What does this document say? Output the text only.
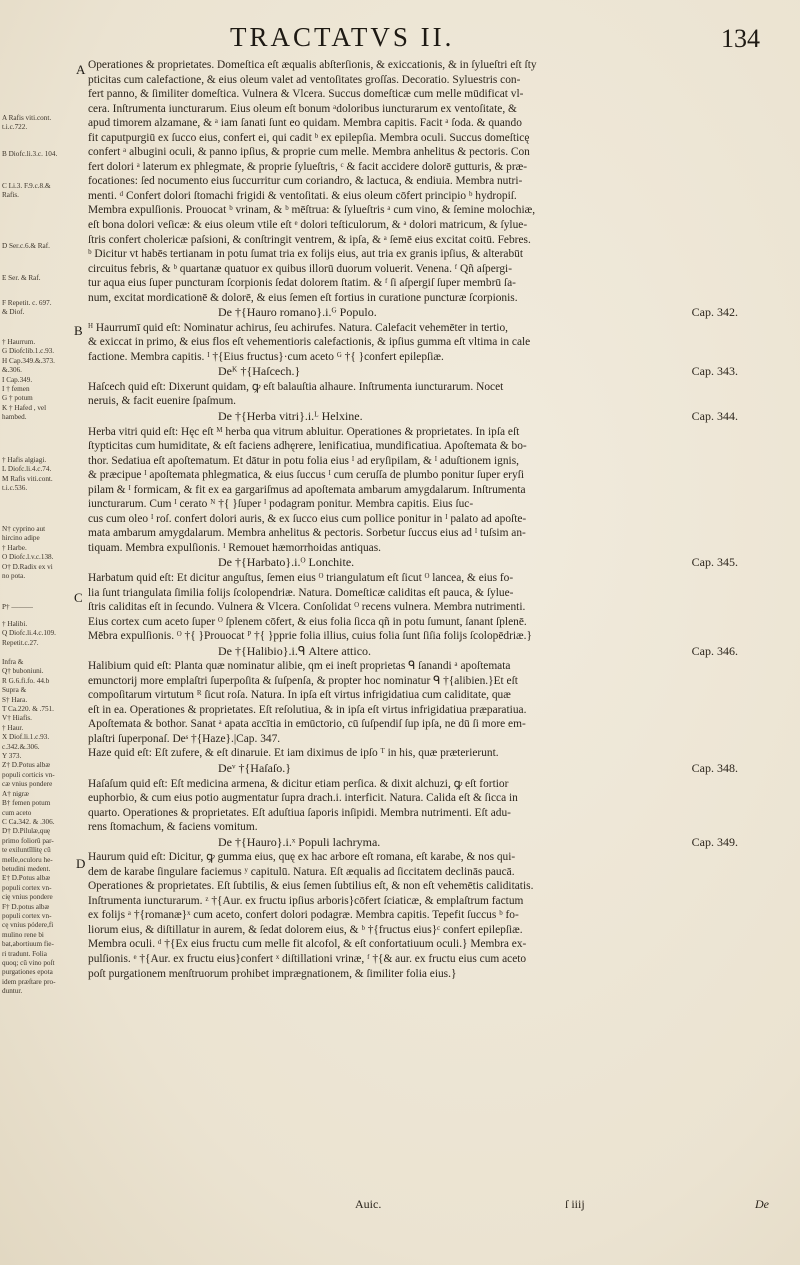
TRACTATVS II.	134
A Rafis viti.cont.
t.i.c.722.
B Diofc.li.3.c. 104.
C Li.3. F.9.c.8.&
Rafis.
D Ser.c.6.& Raf.
E Ser. & Raf.
F Repetit. c. 697.
& Diof.
† Haurrum.
G Diofclib.1.c.93.
H Cap.349.&.373.
&.306.
I Cap.349.
I † femen
G † potum
K † Hafed , vel
hambed.
† Hafis algiagi.
L Diofc.li.4.c.74.
M Rafis viti.cont.
t.i.c.536.
N† cyprino aut
hircino adipe
† Harbe.
O Diofc.l.v.c.138.
O† D.Radix ex vi
no pota.
P† ———
† Halibi.
Q Diofc.li.4.c.109.
Repetit.c.27.
Infra &
Q† buboniuni.
R G.6.fi.fo. 44.b
Supra &
S† Hara.
T Ca.220. & .751.
V† Hiafis.
† Haur.
X Diof.li.1.c.93.
c.342.&.306.
Y 373.
Z† D.Potus albæ
populi corticis vn-
cæ vnius pondere
A† nigræ
B† femen potum
cum aceto
C Ca.342. & .306.
D† D.Pilulæ,quę
primo foliorū par-
te exiluntīllitę cū
melle,oculoru he-
betudini medent.
E† D.Potus albæ
populi cortex vn-
cię vnius pondere
F† D.potus albæ
populi cortex vn-
cę vnius pódere,fi
mulino rene bi
bat,abortiuum fie-
ri tradunt. Folia
quoq; cū vino poſt
purgationes epota
idem præſtare pro-
duntur.
A
B
C
D
Operationes & proprietates. Domeſtica eſt æqualis abſterſionis, & exiccationis, & in ſylueſtri eſt ſty
pticitas cum calefactione, & eius oleum valet ad ventoſitates groſſas. Decoratio. Syluestris con-
fert panno, & ſimiliter domeſtica. Vulnera & Vlcera. Succus domeſticæ cum melle mūdificat vl-
cera. Inſtrumenta iuncturarum. Eius oleum eſt bonum ᵃdoloribus iuncturarum ex ventoſitate, &
apud timorem alzamane, & ᵃ iam ſanati ſunt eo quidam. Membra capitis. Facit ᵃ ſoda. & quando
fit caputpurgiū ex ſucco eius, confert ei, qui cadit ᵇ ex epilepſia. Membra oculi. Succus domeſticę
confert ᵃ albugini oculi, & panno ipſius, & proprie cum melle. Membra anhelitus & pectoris. Con
fert dolori ᵃ laterum ex phlegmate, & proprie ſylueſtris, ᶜ & facit accidere dolorē gutturis, & præ-
focationes: ſed nocumento eius ſuccurritur cum coriandro, & lactuca, & endiuia. Membra nutri-
menti. ᵈ Confert dolori ſtomachi frigidi & ventoſitati. & eius oleum cōfert principio ᵇ hydropiſ.
Membra expulſionis. Prouocat ᵇ vrinam, & ᵇ mēſtrua: & ſylueſtris ᵃ cum vino, & ſemine molochiæ,
eſt bona dolori veſicæ: & eius oleum vtile eſt ᵉ dolori teſticulorum, & ᵃ dolori matricum, & ſylue-
ſtris confert cholericæ paſsioni, & conſtringit ventrem, & ipſa, & ᵃ ſemē eius excitat coitū. Febres.
ᵇ Dicitur vt habēs tertianam in potu ſumat tria ex folijs eius, aut tria ex granis ipſius, & alterabūt
circuitus febris, & ᵇ quartanæ quatuor ex quibus illorū duorum voluerit. Venena. ᶠ Qñ aſpergi-
tur aqua eius ſuper puncturam ſcorpionis ſedat dolorem ſtatim. & ᶠ ſi aſpergiſ ſuper membrū ſa-
num, excitat mordicationē & dolorē, & eius ſemen eſt fortius in curatione puncturæ ſcorpionis.
De †{Hauro romano}.i.ᴳ Populo.	Cap. 342.
ᴴ Haurrumī quid eſt: Nominatur achirus, ſeu achirufes. Natura. Calefacit vehemēter in tertio,
& exiccat in primo, & eius flos eſt vehementioris calefactionis, & ipſius gumma eſt vltima in cale
factione. Membra capitis. ᴵ †{Eius fructus}·cum aceto ᴳ †{ }confert epilepſiæ.
Deᴷ †{Haſcech.}	Cap. 343.
Haſcech quid eſt: Dixerunt quidam, ꝙ eſt balauſtia alhaure. Inſtrumenta iuncturarum. Nocet
neruis, & facit euenire ſpaſmum.
De †{Herba vitri}.i.ᴸ Helxine.	Cap. 344.
Herba vitri quid eſt: Hęc eſt ᴹ herba qua vitrum abluitur. Operationes & proprietates. In ipſa eſt
ſtypticitas cum humiditate, & eſt faciens adhęrere, lenificatiua, mundificatiua. Apoſtemata & bo-
thor. Sedatiua eſt apoſtematum. Et dātur in potu folia eius ᴵ ad eryſipilam, & ᴵ aduſtionem ignis,
& præcipue ᴵ apoſtemata phlegmatica, & eius ſuccus ᴵ cum ceruſſa de plumbo ponitur ſuper eryſi
pilam & ᴵ formicam, & fit ex ea gargariſmus ad apoſtemata ambarum amygdalarum. Inſtrumenta
iuncturarum. Cum ᴵ cerato ᴺ †{ }ſuper ᴵ podagram ponitur. Membra capitis. Eius ſuc-
cus cum oleo ᴵ roſ. confert dolori auris, & ex ſucco eius cum pollice ponitur in ᴵ palato ad apoſte-
mata ambarum amygdalarum. Membra anhelitus & pectoris. Sorbetur ſuccus eius ad ᴵ tuſsim an-
tiquam. Membra expulſionis. ᴵ Remouet hæmorrhoidas antiquas.
De †{Harbato}.i.ᴼ Lonchite.	Cap. 345.
Harbatum quid eſt: Et dicitur anguſtus, ſemen eius ᴼ triangulatum eſt ſicut ᴼ lancea, & eius fo-
lia ſunt triangulata ſimilia folijs ſcolopendriæ. Natura. Domeſticæ caliditas eſt pauca, & ſylue-
ſtris caliditas eſt in ſecundo. Vulnera & Vlcera. Conſolidat ᴼ recens vulnera. Membra nutrimenti.
Eius cortex cum aceto ſuper ᴼ ſplenem cōfert, & eius folia ſicca qñ in potu ſumunt, ſanant ſplenē.
Mēbra expulſionis. ᴼ †{ }Prouocat ᴾ †{ }pprie folia illius, cuius folia ſunt ſiſia folijs ſcolopēdriæ.}
De †{Halibio}.i.ᑫ Altere attico.	Cap. 346.
Halibium quid eſt: Planta quæ nominatur alibie, qm ei ineſt proprietas ᑫ ſanandi ᵃ apoſtemata
emunctorij more emplaſtri ſuperpoſita & ſuſpenſa, & propter hoc nominatur ᑫ †{alibien.}Et eſt
compoſitarum virtutum ᴿ ſicut roſa. Natura. In ipſa eſt virtus infrigidatiua cum caliditate, quæ
eſt in ea. Operationes & proprietates. Eſt reſolutiua, & in ipſa eſt virtus infrigidatiua præparatiua.
Apoſtemata & bothor. Sanat ᵃ apata accītia in emūctorio, cū ſuſpendiſ ſup ipſa, ne dū ſi more em-
plaſtri ſuperponaſ. Deˢ †{Haze}.|Cap. 347.
Haze quid eſt: Eſt zufere, & eſt dinaruie. Et iam diximus de ipſo ᵀ in his, quæ præterierunt.
Deᵛ †{Haſaſo.}	Cap. 348.
Haſaſum quid eſt: Eſt medicina armena, & dicitur etiam perſica. & dixit alchuzi, ꝙ eſt fortior
euphorbio, & cum eius potio augmentatur ſupra drach.i. interficit. Natura. Calida eſt & ſicca in
quarto. Operationes & proprietates. Eſt aduſtiua ſaporis inſipidi. Membra nutrimenti. Eſt adu-
rens ſtomachum, & faciens vomitum.
De †{Hauro}.i.ˣ Populi lachryma.	Cap. 349.
Haurum quid eſt: Dicitur, ꝙ gumma eius, quę ex hac arbore eſt romana, eſt karabe, & nos qui-
dem de karabe ſingulare faciemus ʸ capitulū. Natura. Eſt æqualis ad ſiccitatem declinās paucā.
Operationes & proprietates. Eſt ſubtilis, & eius ſemen ſubtilius eſt, & non eſt vehemētis caliditatis.
Inſtrumenta iuncturarum. ᶻ †{Aur. ex fructu ipſius arboris}cōfert ſciaticæ, & emplaſtrum factum
ex folijs ᵃ †{romanæ}ˣ cum aceto, confert dolori podagræ. Membra capitis. Tepefit ſuccus ᵇ fo-
liorum eius, & diſtillatur in aurem, & ſedat dolorem eius, & ᵇ †{fructus eius}ᶜ confert epilepſiæ.
Membra oculi. ᵈ †{Ex eius fructu cum melle fit alcofol, & eſt confortatiuum oculi.} Membra ex-
pulſionis. ᵉ †{Aur. ex fructu eius}confert ˣ diſtillationi vrinæ, ᶠ †{& aur. ex fructu eius cum aceto
poſt purgationem menſtruorum prohibet imprægnationem, & ſimiliter folia eius.}
Auic.	ſ iiij	De
